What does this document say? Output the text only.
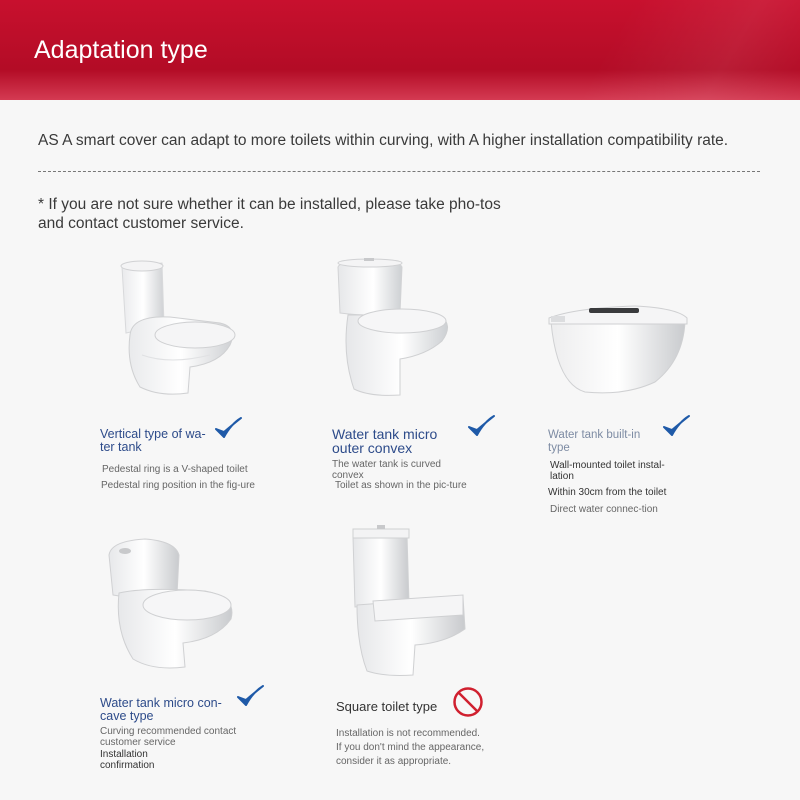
Adaptation type
AS A smart cover can adapt to more toilets within curving, with A higher installation compatibility rate.
* If you are not sure whether it can be installed, please take pho-tos and contact customer service.
Vertical type of wa-ter tank
Pedestal ring is a V-shaped toilet
Pedestal ring position in the fig-ure
Water tank micro outer convex
The water tank is curved convex
Toilet as shown in the pic-ture
Water tank built-in type
Wall-mounted toilet instal-lation
Within 30cm from the toilet
Direct water connec-tion
Water tank micro con-cave type
Curving recommended contact customer service
Installation confirmation
Square toilet type
Installation is not recommended.
If you don't mind the appearance,
consider it as appropriate.
